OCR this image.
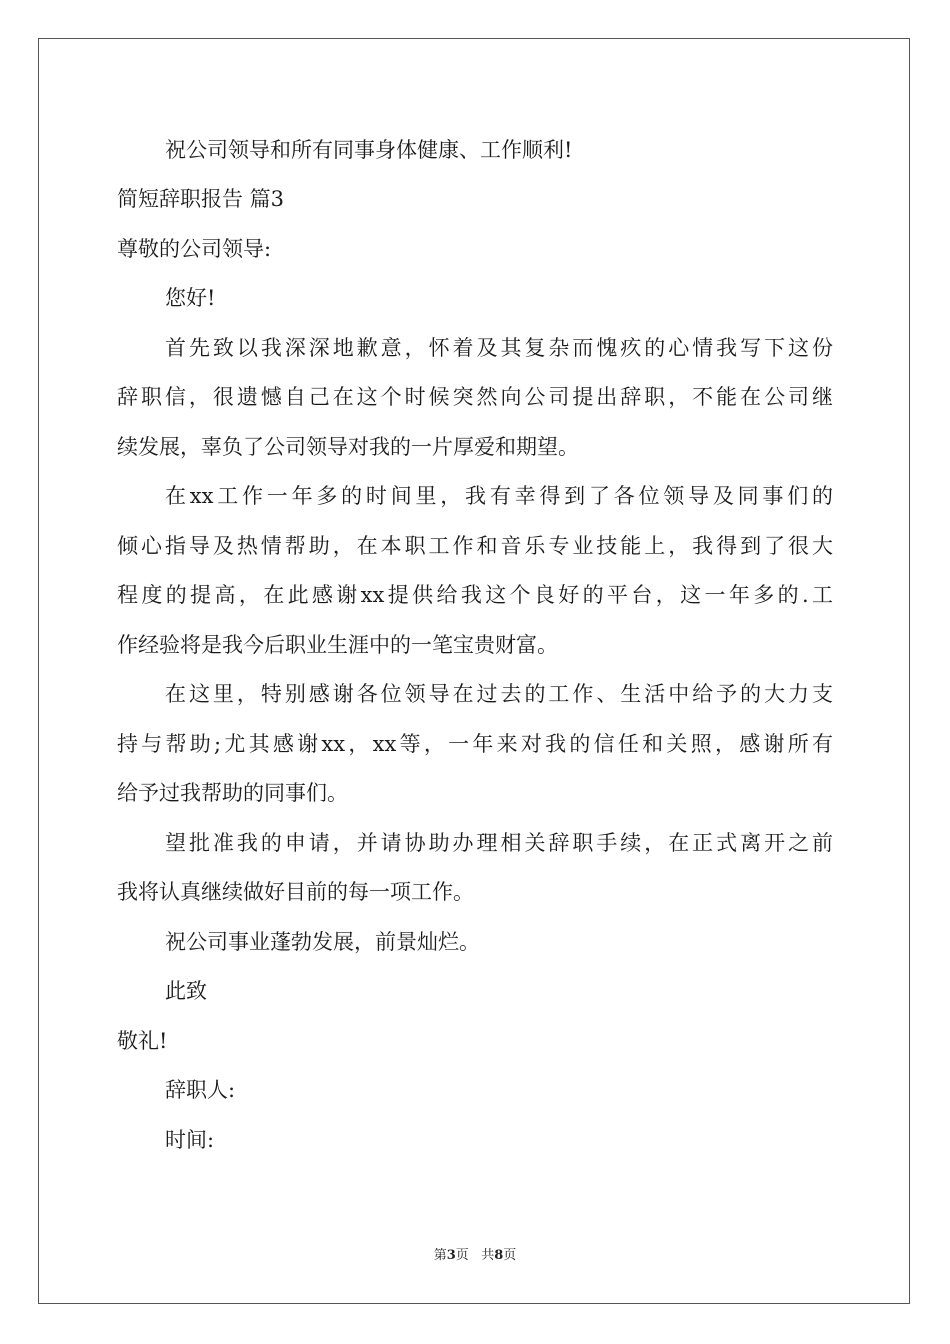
祝公司领导和所有同事身体健康、工作顺利!
简短辞职报告 篇3
尊敬的公司领导:
您好!
首先致以我深深地歉意，怀着及其复杂而愧疚的心情我写下这份
辞职信，很遗憾自己在这个时候突然向公司提出辞职，不能在公司继
续发展，辜负了公司领导对我的一片厚爱和期望。
在xx工作一年多的时间里，我有幸得到了各位领导及同事们的
倾心指导及热情帮助，在本职工作和音乐专业技能上，我得到了很大
程度的提高，在此感谢xx提供给我这个良好的平台，这一年多的.工
作经验将是我今后职业生涯中的一笔宝贵财富。
在这里，特别感谢各位领导在过去的工作、生活中给予的大力支
持与帮助;尤其感谢xx，xx等，一年来对我的信任和关照，感谢所有
给予过我帮助的同事们。
望批准我的申请，并请协助办理相关辞职手续，在正式离开之前
我将认真继续做好目前的每一项工作。
祝公司事业蓬勃发展，前景灿烂。
此致
敬礼!
辞职人:
时间:
第3页   共8页
